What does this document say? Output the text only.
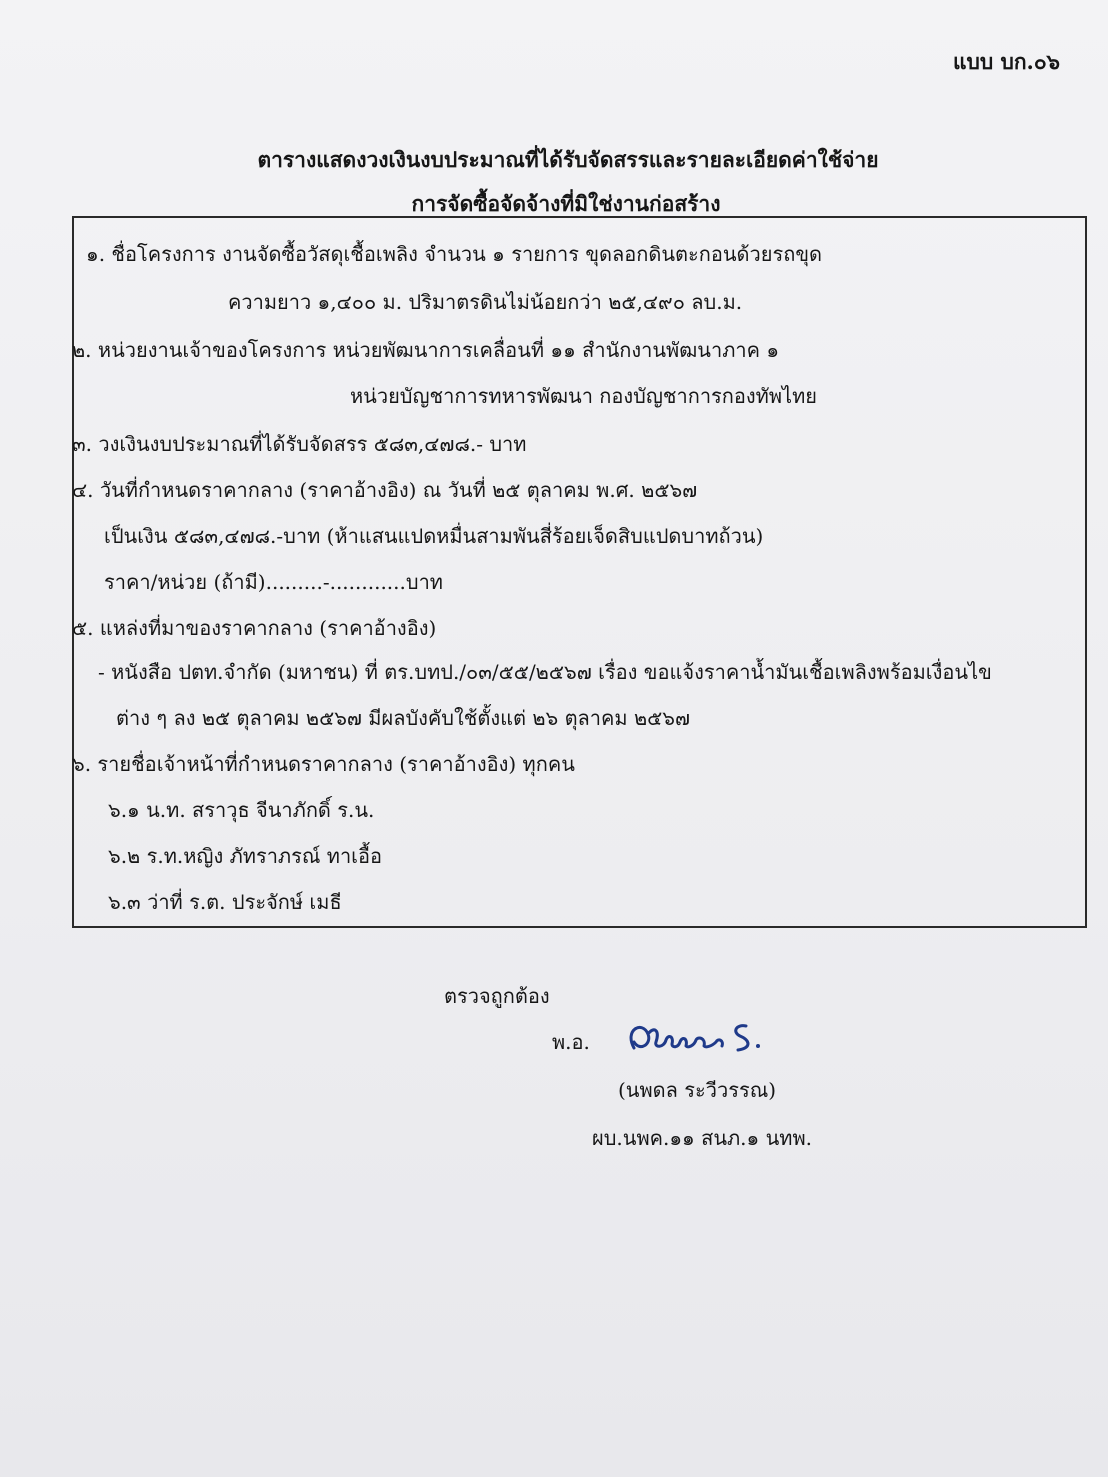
แบบ บก.๐๖
ตารางแสดงวงเงินงบประมาณที่ได้รับจัดสรรและรายละเอียดค่าใช้จ่าย
การจัดซื้อจัดจ้างที่มิใช่งานก่อสร้าง
๑. ชื่อโครงการ งานจัดซื้อวัสดุเชื้อเพลิง จำนวน ๑ รายการ ขุดลอกดินตะกอนด้วยรถขุด
ความยาว ๑,๔๐๐ ม. ปริมาตรดินไม่น้อยกว่า ๒๕,๔๙๐ ลบ.ม.
๒. หน่วยงานเจ้าของโครงการ หน่วยพัฒนาการเคลื่อนที่ ๑๑ สำนักงานพัฒนาภาค ๑
หน่วยบัญชาการทหารพัฒนา กองบัญชาการกองทัพไทย
๓. วงเงินงบประมาณที่ได้รับจัดสรร ๕๘๓,๔๗๘.- บาท
๔. วันที่กำหนดราคากลาง (ราคาอ้างอิง) ณ วันที่ ๒๕ ตุลาคม พ.ศ. ๒๕๖๗
เป็นเงิน ๕๘๓,๔๗๘.-บาท (ห้าแสนแปดหมื่นสามพันสี่ร้อยเจ็ดสิบแปดบาทถ้วน)
ราคา/หน่วย (ถ้ามี).........-............บาท
๕. แหล่งที่มาของราคากลาง (ราคาอ้างอิง)
- หนังสือ ปตท.จำกัด (มหาชน) ที่ ตร.บทป./๐๓/๕๕/๒๕๖๗ เรื่อง ขอแจ้งราคาน้ำมันเชื้อเพลิงพร้อมเงื่อนไข
ต่าง ๆ ลง ๒๕ ตุลาคม ๒๕๖๗ มีผลบังคับใช้ตั้งแต่ ๒๖ ตุลาคม ๒๕๖๗
๖. รายชื่อเจ้าหน้าที่กำหนดราคากลาง (ราคาอ้างอิง) ทุกคน
๖.๑ น.ท. สราวุธ จีนาภักดิ์ ร.น.
๖.๒ ร.ท.หญิง ภัทราภรณ์ ทาเอื้อ
๖.๓ ว่าที่ ร.ต. ประจักษ์ เมธี
ตรวจถูกต้อง
พ.อ.
(นพดล ระวีวรรณ)
ผบ.นพค.๑๑ สนภ.๑ นทพ.
